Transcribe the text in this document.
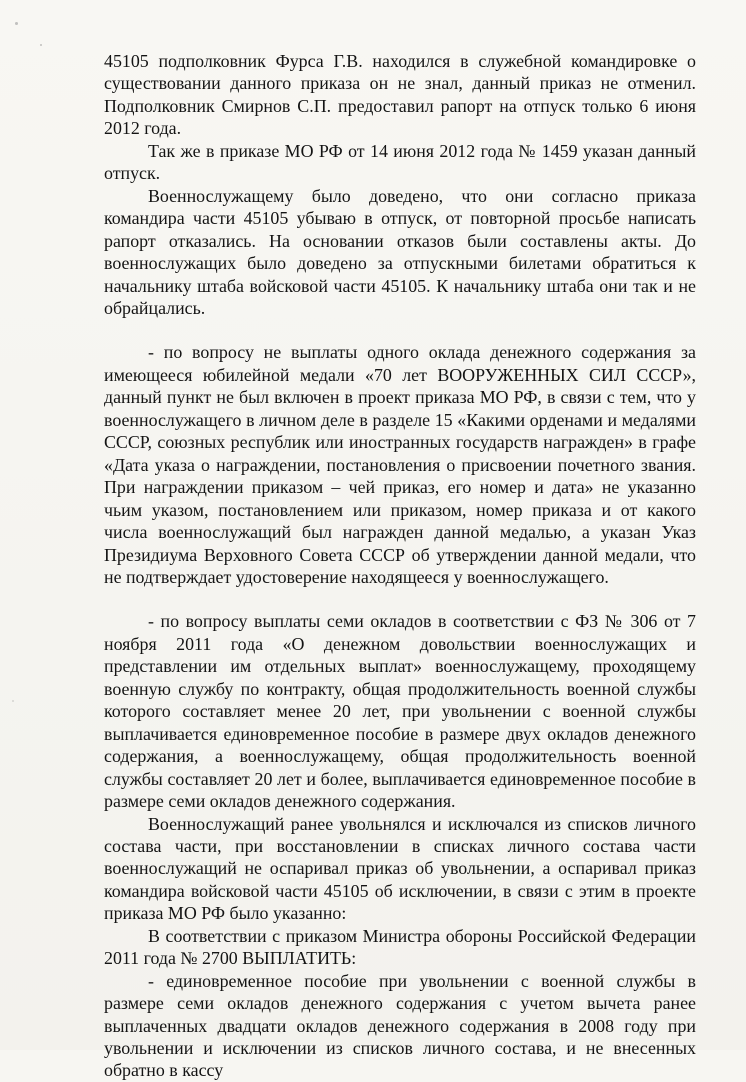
45105 подполковник Фурса Г.В. находился в служебной командировке о существовании данного приказа он не знал, данный приказ не отменил. Подполковник Смирнов С.П. предоставил рапорт на отпуск только 6 июня 2012 года.

Так же в приказе МО РФ от 14 июня 2012 года № 1459 указан данный отпуск.

Военнослужащему было доведено, что они согласно приказа командира части 45105 убываю в отпуск, от повторной просьбе написать рапорт отказались. На основании отказов были составлены акты. До военнослужащих было доведено за отпускными билетами обратиться к начальнику штаба войсковой части 45105. К начальнику штаба они так и не обрайцались.

- по вопросу не выплаты одного оклада денежного содержания за имеющееся юбилейной медали «70 лет ВООРУЖЕННЫХ СИЛ СССР», данный пункт не был включен в проект приказа МО РФ, в связи с тем, что у военнослужащего в личном деле в разделе 15 «Какими орденами и медалями СССР, союзных республик или иностранных государств награжден» в графе «Дата указа о награждении, постановления о присвоении почетного звания. При награждении приказом – чей приказ, его номер и дата» не указанно чьим указом, постановлением или приказом, номер приказа и от какого числа военнослужащий был награжден данной медалью, а указан Указ Президиума Верховного Совета СССР об утверждении данной медали, что не подтверждает удостоверение находящееся у военнослужащего.

- по вопросу выплаты семи окладов в соответствии с ФЗ № 306 от 7 ноября 2011 года «О денежном довольствии военнослужащих и представлении им отдельных выплат» военнослужащему, проходящему военную службу по контракту, общая продолжительность военной службы которого составляет менее 20 лет, при увольнении с военной службы выплачивается единовременное пособие в размере двух окладов денежного содержания, а военнослужащему, общая продолжительность военной службы составляет 20 лет и более, выплачивается единовременное пособие в размере семи окладов денежного содержания.

Военнослужащий ранее увольнялся и исключался из списков личного состава части, при восстановлении в списках личного состава части военнослужащий не оспаривал приказ об увольнении, а оспаривал приказ командира войсковой части 45105 об исключении, в связи с этим в проекте приказа МО РФ было указанно:

В соответствии с приказом Министра обороны Российской Федерации 2011 года № 2700 ВЫПЛАТИТЬ:

- единовременное пособие при увольнении с военной службы в размере семи окладов денежного содержания с учетом вычета ранее выплаченных двадцати окладов денежного содержания в 2008 году при увольнении и исключении из списков личного состава, и не внесенных обратно в кассу
